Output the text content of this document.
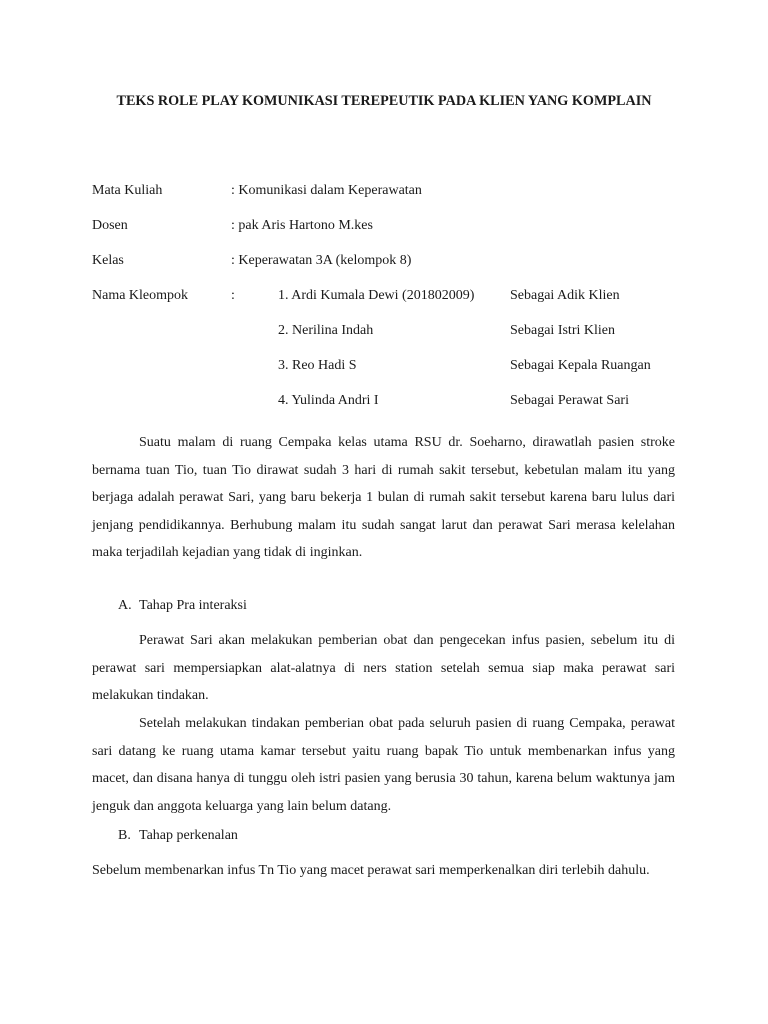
TEKS ROLE PLAY KOMUNIKASI TEREPEUTIK PADA KLIEN YANG KOMPLAIN
Mata Kuliah	: Komunikasi dalam Keperawatan
Dosen	: pak Aris Hartono M.kes
Kelas	: Keperawatan 3A (kelompok 8)
Nama Kleompok	:	1. Ardi Kumala Dewi (201802009)	Sebagai Adik Klien
2. Nerilina Indah	Sebagai Istri Klien
3. Reo Hadi S	Sebagai Kepala Ruangan
4. Yulinda Andri I	Sebagai Perawat Sari

Suatu malam di ruang Cempaka kelas utama RSU dr. Soeharno, dirawatlah pasien stroke bernama tuan Tio, tuan Tio dirawat sudah 3 hari di rumah sakit tersebut, kebetulan malam itu yang berjaga adalah perawat Sari, yang baru bekerja 1 bulan di rumah sakit tersebut karena baru lulus dari jenjang pendidikannya. Berhubung malam itu sudah sangat larut dan perawat Sari merasa kelelahan maka terjadilah kejadian yang tidak di inginkan.

A. Tahap Pra interaksi

Perawat Sari akan melakukan pemberian obat dan pengecekan infus pasien, sebelum itu di perawat sari mempersiapkan alat-alatnya di ners station setelah semua siap maka perawat sari melakukan tindakan.

Setelah melakukan tindakan pemberian obat pada seluruh pasien di ruang Cempaka, perawat sari datang ke ruang utama kamar tersebut yaitu ruang bapak Tio untuk membenarkan infus yang macet, dan disana hanya di tunggu oleh istri pasien yang berusia 30 tahun, karena belum waktunya jam jenguk dan anggota keluarga yang lain belum datang.

B. Tahap perkenalan

Sebelum membenarkan infus Tn Tio yang macet perawat sari memperkenalkan diri terlebih dahulu.
